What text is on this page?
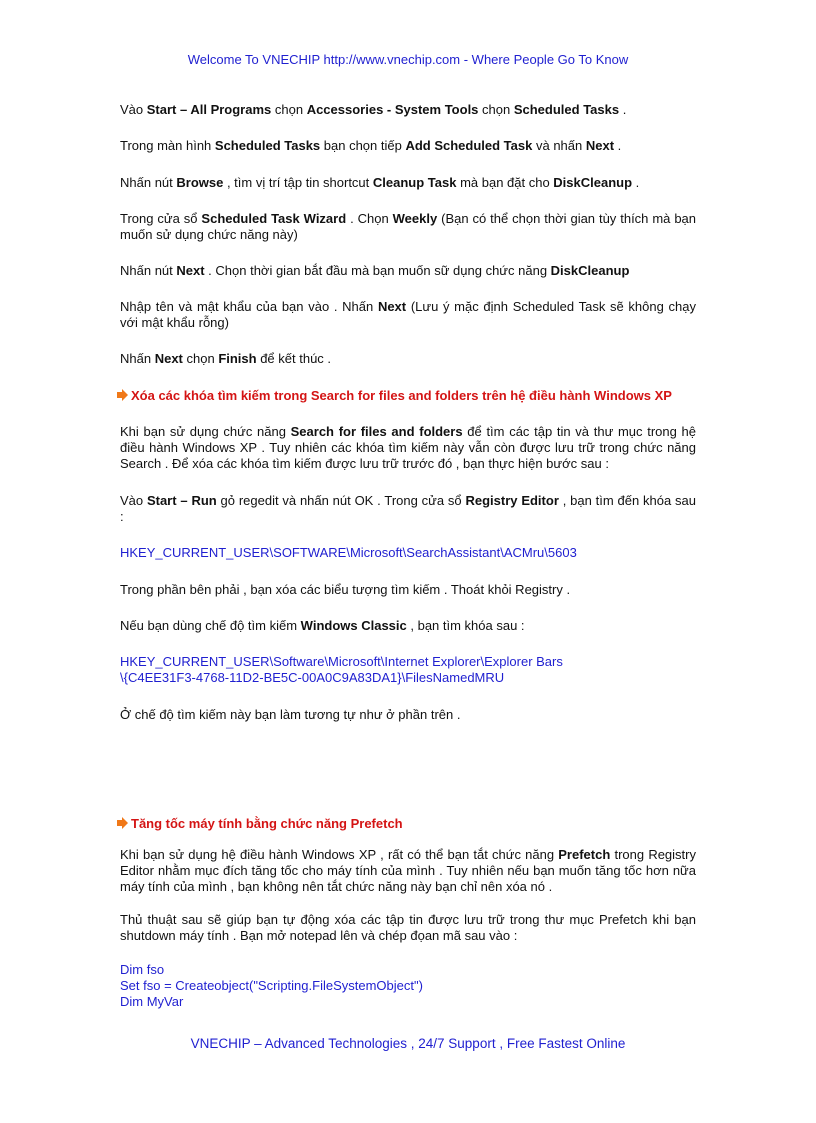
Welcome To VNECHIP http://www.vnechip.com - Where People Go To Know

Vào Start – All Programs chọn Accessories - System Tools chọn Scheduled Tasks .

Trong màn hình Scheduled Tasks bạn chọn tiếp Add Scheduled Task và nhấn Next .

Nhấn nút Browse , tìm vị trí tập tin shortcut Cleanup Task mà bạn đặt cho DiskCleanup .

Trong cửa sổ Scheduled Task Wizard . Chọn Weekly (Bạn có thể chọn thời gian tùy thích mà bạn muốn sử dụng chức năng này)

Nhấn nút Next . Chọn thời gian bắt đầu mà bạn muốn sữ dụng chức năng DiskCleanup

Nhập tên và mật khẩu của bạn vào . Nhấn Next (Lưu ý mặc định Scheduled Task sẽ không chạy với mật khẩu rỗng)

Nhấn Next chọn Finish để kết thúc .

Xóa các khóa tìm kiếm trong Search for files and folders trên hệ điều hành Windows XP

Khi bạn sử dụng chức năng Search for files and folders để tìm các tập tin và thư mục trong hệ điều hành Windows XP . Tuy nhiên các khóa tìm kiếm này vẫn còn được lưu trữ trong chức năng Search . Để xóa các khóa tìm kiếm được lưu trữ trước đó , bạn thực hiện bước sau :

Vào Start – Run gỏ regedit và nhấn nút OK . Trong cửa sổ Registry Editor , bạn tìm đến khóa sau :

HKEY_CURRENT_USER\SOFTWARE\Microsoft\SearchAssistant\ACMru\5603

Trong phần bên phải , bạn xóa các biểu tượng tìm kiếm . Thoát khỏi Registry .

Nếu bạn dùng chế độ tìm kiếm Windows Classic , bạn tìm khóa sau :

HKEY_CURRENT_USER\Software\Microsoft\Internet Explorer\Explorer Bars
\{C4EE31F3-4768-11D2-BE5C-00A0C9A83DA1}\FilesNamedMRU

Ở chế độ tìm kiếm này bạn làm tương tự như ở phần trên .

Tăng tốc máy tính bằng chức năng Prefetch

Khi bạn sử dụng hệ điều hành Windows XP , rất có thể bạn tắt chức năng Prefetch trong Registry Editor nhằm mục đích tăng tốc cho máy tính của mình . Tuy nhiên nếu bạn muốn tăng tốc hơn nữa máy tính của mình , bạn không nên tắt chức năng này bạn chỉ nên xóa nó .

Thủ thuật sau sẽ giúp bạn tự động xóa các tập tin được lưu trữ trong thư mục Prefetch khi bạn shutdown máy tính . Bạn mở notepad lên và chép đọan mã sau vào :

Dim fso

Set fso = Createobject("Scripting.FileSystemObject")

Dim MyVar

VNECHIP – Advanced Technologies , 24/7 Support , Free Fastest Online
